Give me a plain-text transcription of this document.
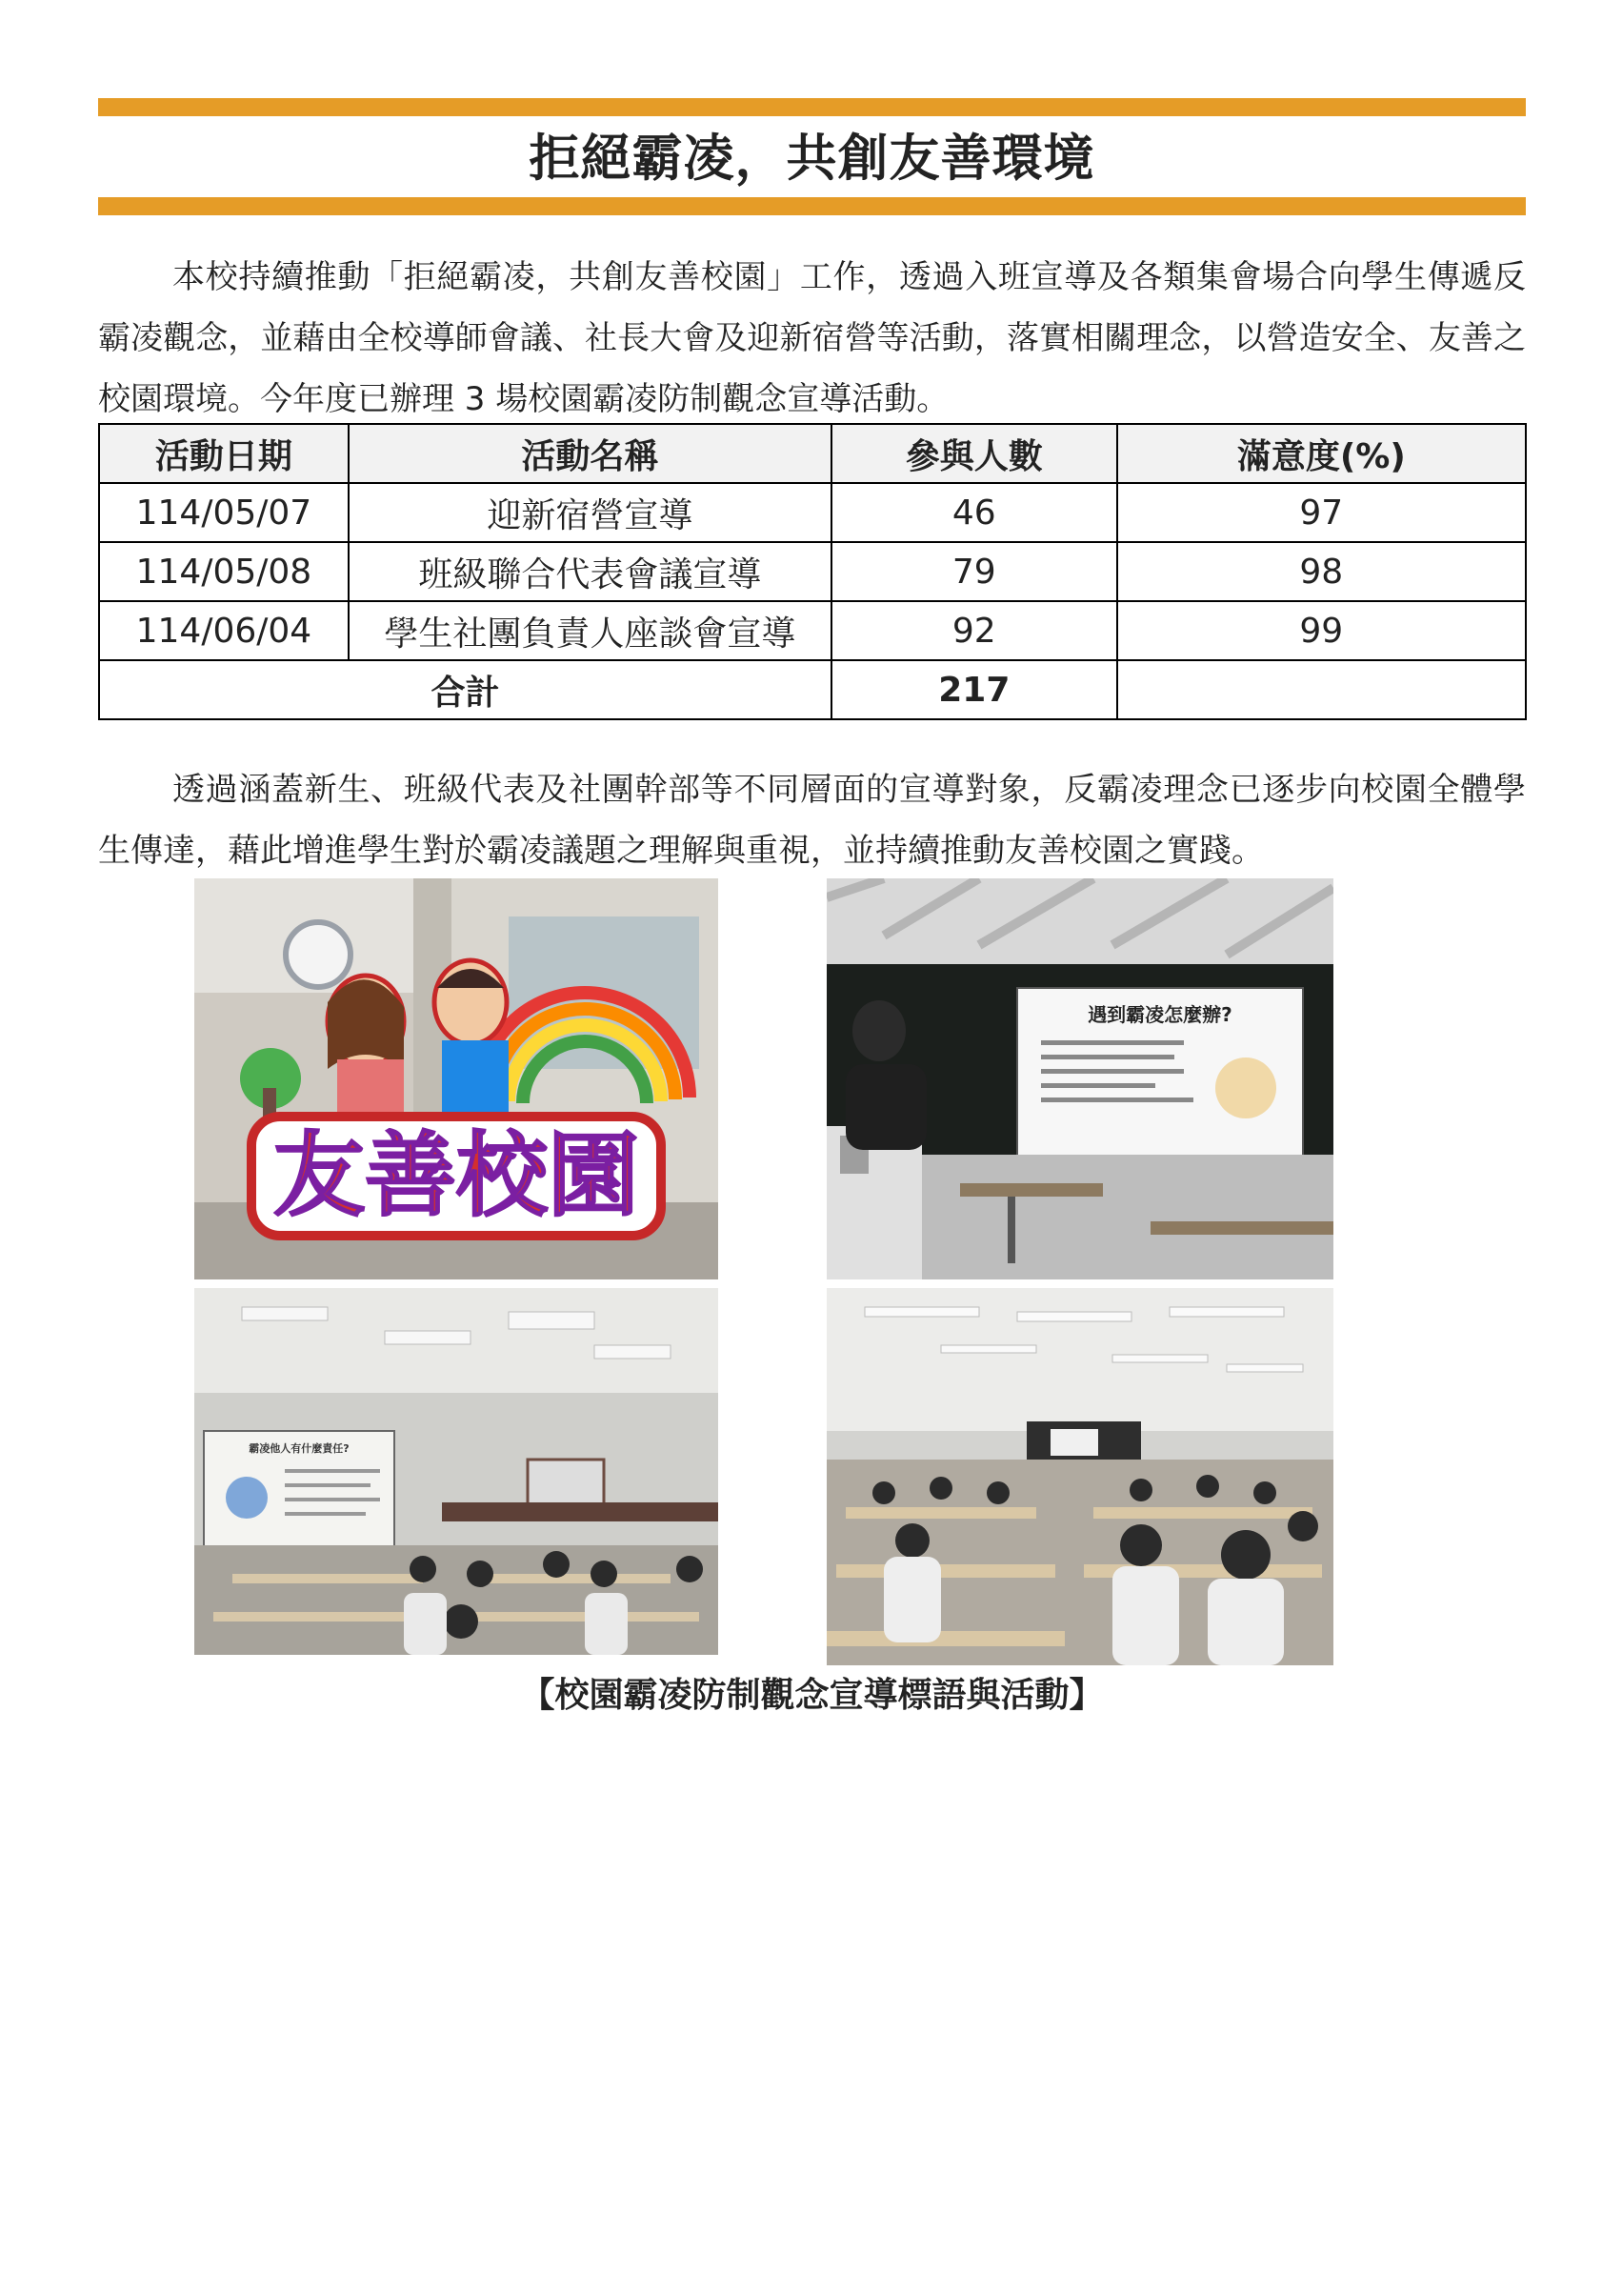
拒絕霸凌，共創友善環境
本校持續推動「拒絕霸凌，共創友善校園」工作，透過入班宣導及各類集會場合向學生傳遞反霸凌觀念，並藉由全校導師會議、社長大會及迎新宿營等活動，落實相關理念，以營造安全、友善之校園環境。今年度已辦理 3 場校園霸凌防制觀念宣導活動。
活動日期	活動名稱	參與人數	滿意度(%)
114/05/07	迎新宿營宣導	46	97
114/05/08	班級聯合代表會議宣導	79	98
114/06/04	學生社團負責人座談會宣導	92	99
合計		217	
透過涵蓋新生、班級代表及社團幹部等不同層面的宣導對象，反霸凌理念已逐步向校園全體學生傳達，藉此增進學生對於霸凌議題之理解與重視，並持續推動友善校園之實踐。
友善校園
遇到霸凌怎麼辦?
霸凌他人有什麼責任?
【校園霸凌防制觀念宣導標語與活動】
